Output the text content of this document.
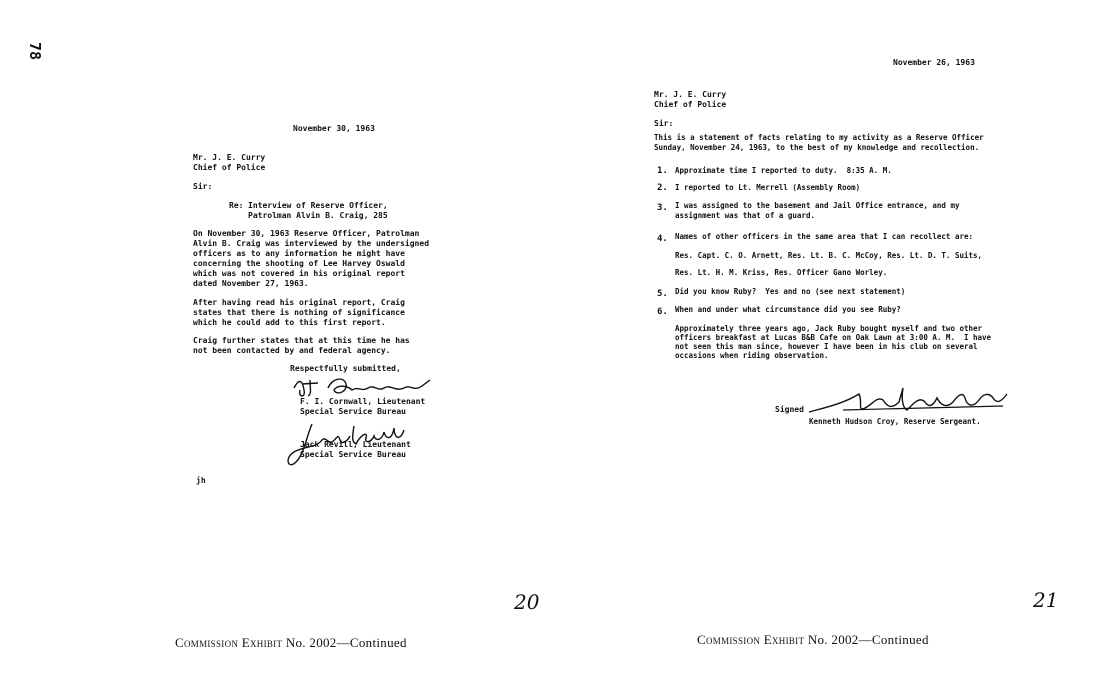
78
November 30, 1963
Mr. J. E. Curry
Chief of Police
Sir:
Re: Interview of Reserve Officer,
Patrolman Alvin B. Craig, 285
On November 30, 1963 Reserve Officer, Patrolman
Alvin B. Craig was interviewed by the undersigned
officers as to any information he might have
concerning the shooting of Lee Harvey Oswald
which was not covered in his original report
dated November 27, 1963.
After having read his original report, Craig
states that there is nothing of significance
which he could add to this first report.
Craig further states that at this time he has
not been contacted by and federal agency.
Respectfully submitted,
F. I. Cornwall, Lieutenant
Special Service Bureau
Jack Revill, Lieutenant
Special Service Bureau
jh
20
Commission Exhibit No. 2002—Continued
November 26, 1963
Mr. J. E. Curry
Chief of Police
Sir:
This is a statement of facts relating to my activity as a Reserve Officer
Sunday, November 24, 1963, to the best of my knowledge and recollection.
1. Approximate time I reported to duty.  8:35 A. M.
2. I reported to Lt. Merrell (Assembly Room)
3. I was assigned to the basement and Jail Office entrance, and my
assignment was that of a guard.
4. Names of other officers in the same area that I can recollect are:
Res. Capt. C. O. Arnett, Res. Lt. B. C. McCoy, Res. Lt. D. T. Suits,
Res. Lt. H. M. Kriss, Res. Officer Gano Worley.
5. Did you know Ruby?  Yes and no (see next statement)
6. When and under what circumstance did you see Ruby?
Approximately three years ago, Jack Ruby bought myself and two other
officers breakfast at Lucas B&B Cafe on Oak Lawn at 3:00 A. M.  I have
not seen this man since, however I have been in his club on several
occasions when riding observation.
Signed
Kenneth Hudson Croy, Reserve Sergeant.
21
Commission Exhibit No. 2002—Continued
